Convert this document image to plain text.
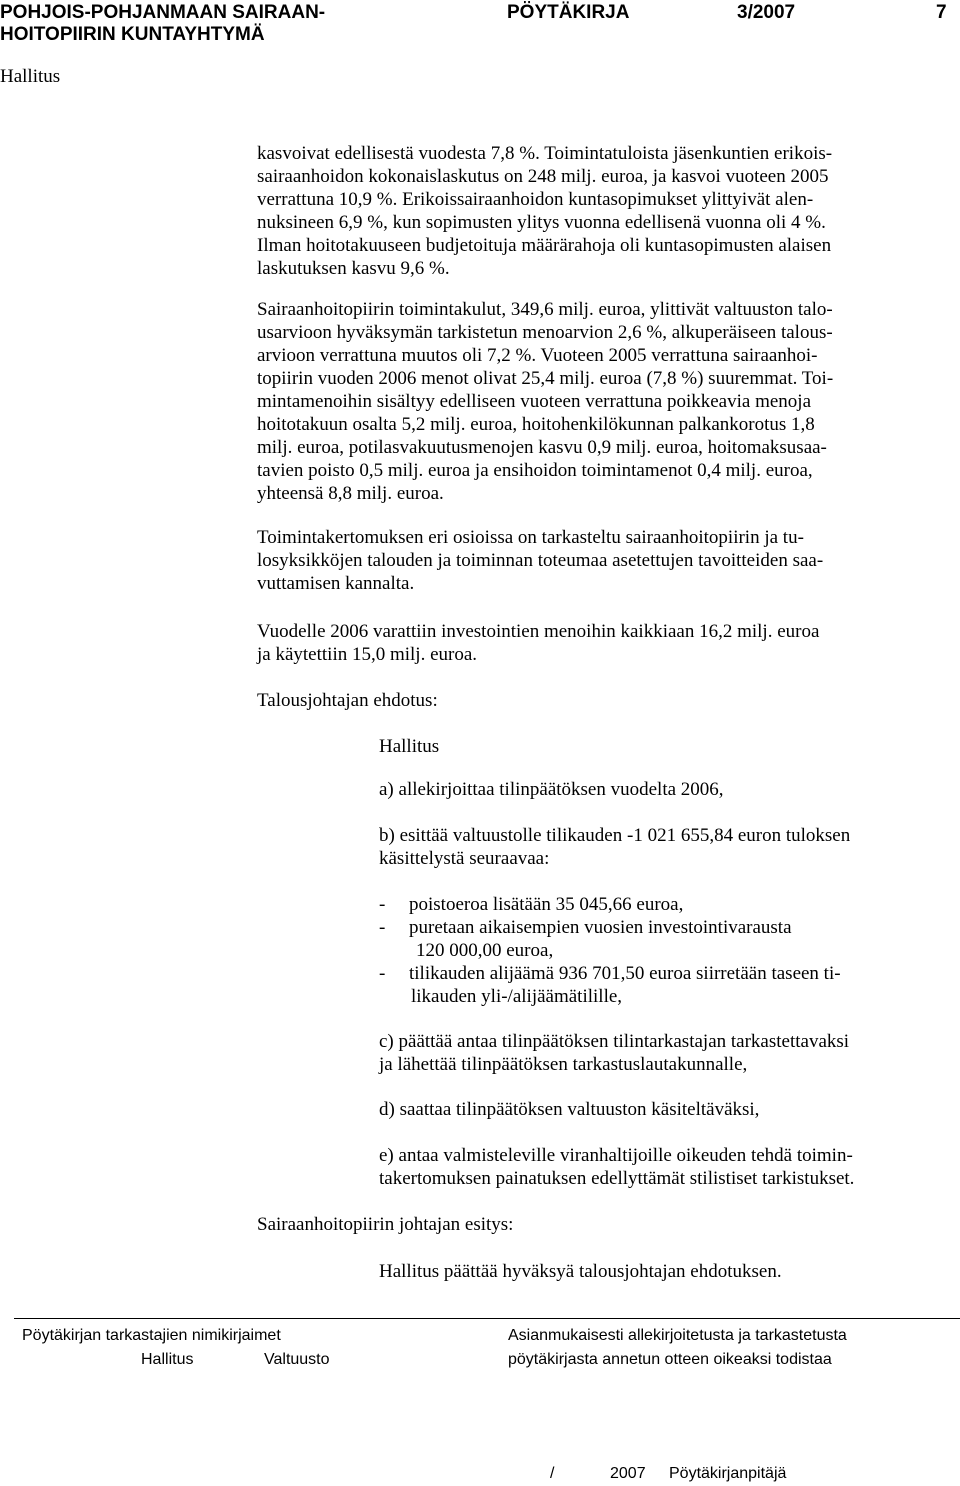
POHJOIS-POHJANMAAN SAIRAAN-
HOITOPIIRIN KUNTAYHTYMÄ
PÖYTÄKIRJA	3/2007	7
Hallitus
kasvoivat edellisestä vuodesta 7,8 %. Toimintatuloista jäsenkuntien erikois-
sairaanhoidon kokonaislaskutus on 248 milj. euroa, ja kasvoi vuoteen 2005
verrattuna 10,9 %. Erikoissairaanhoidon kuntasopimukset ylittyivät alen-
nuksineen 6,9 %, kun sopimusten ylitys vuonna edellisenä vuonna oli 4 %.
Ilman hoitotakuuseen budjetoituja määrärahoja oli kuntasopimusten alaisen
laskutuksen kasvu 9,6 %.
Sairaanhoitopiirin toimintakulut, 349,6 milj. euroa, ylittivät valtuuston talo-
usarvioon hyväksymän tarkistetun menoarvion 2,6 %, alkuperäiseen talous-
arvioon verrattuna muutos oli 7,2 %. Vuoteen 2005 verrattuna sairaanhoi-
topiirin vuoden 2006 menot olivat 25,4 milj. euroa (7,8 %) suuremmat. Toi-
mintamenoihin sisältyy edelliseen vuoteen verrattuna poikkeavia menoja
hoitotakuun osalta 5,2 milj. euroa, hoitohenkilökunnan palkankorotus 1,8
milj. euroa, potilasvakuutusmenojen kasvu 0,9 milj. euroa, hoitomaksusaa-
tavien poisto 0,5 milj. euroa ja ensihoidon toimintamenot 0,4 milj. euroa,
yhteensä 8,8 milj. euroa.
Toimintakertomuksen eri osioissa on tarkasteltu sairaanhoitopiirin ja tu-
losyksikköjen talouden ja toiminnan toteumaa asetettujen tavoitteiden saa-
vuttamisen kannalta.
Vuodelle 2006 varattiin investointien menoihin kaikkiaan 16,2 milj. euroa
ja käytettiin 15,0 milj. euroa.
Talousjohtajan ehdotus:
Hallitus
a) allekirjoittaa tilinpäätöksen vuodelta 2006,
b) esittää valtuustolle tilikauden -1 021 655,84 euron tuloksen
käsittelystä seuraavaa:
- poistoeroa lisätään 35 045,66 euroa,
- puretaan aikaisempien vuosien investointivarausta
120 000,00 euroa,
- tilikauden alijäämä 936 701,50 euroa siirretään taseen ti-
likauden yli-/alijäämätilille,
c) päättää antaa tilinpäätöksen tilintarkastajan tarkastettavaksi
ja lähettää tilinpäätöksen tarkastuslautakunnalle,
d) saattaa tilinpäätöksen valtuuston käsiteltäväksi,
e) antaa valmisteleville viranhaltijoille oikeuden tehdä toimin-
takertomuksen painatuksen edellyttämät stilistiset tarkistukset.
Sairaanhoitopiirin johtajan esitys:
Hallitus päättää hyväksyä talousjohtajan ehdotuksen.
Pöytäkirjan tarkastajien nimikirjaimet
Hallitus	Valtuusto
Asianmukaisesti allekirjoitetusta ja tarkastetusta
pöytäkirjasta annetun otteen oikeaksi todistaa
/	2007 Pöytäkirjanpitäjä
